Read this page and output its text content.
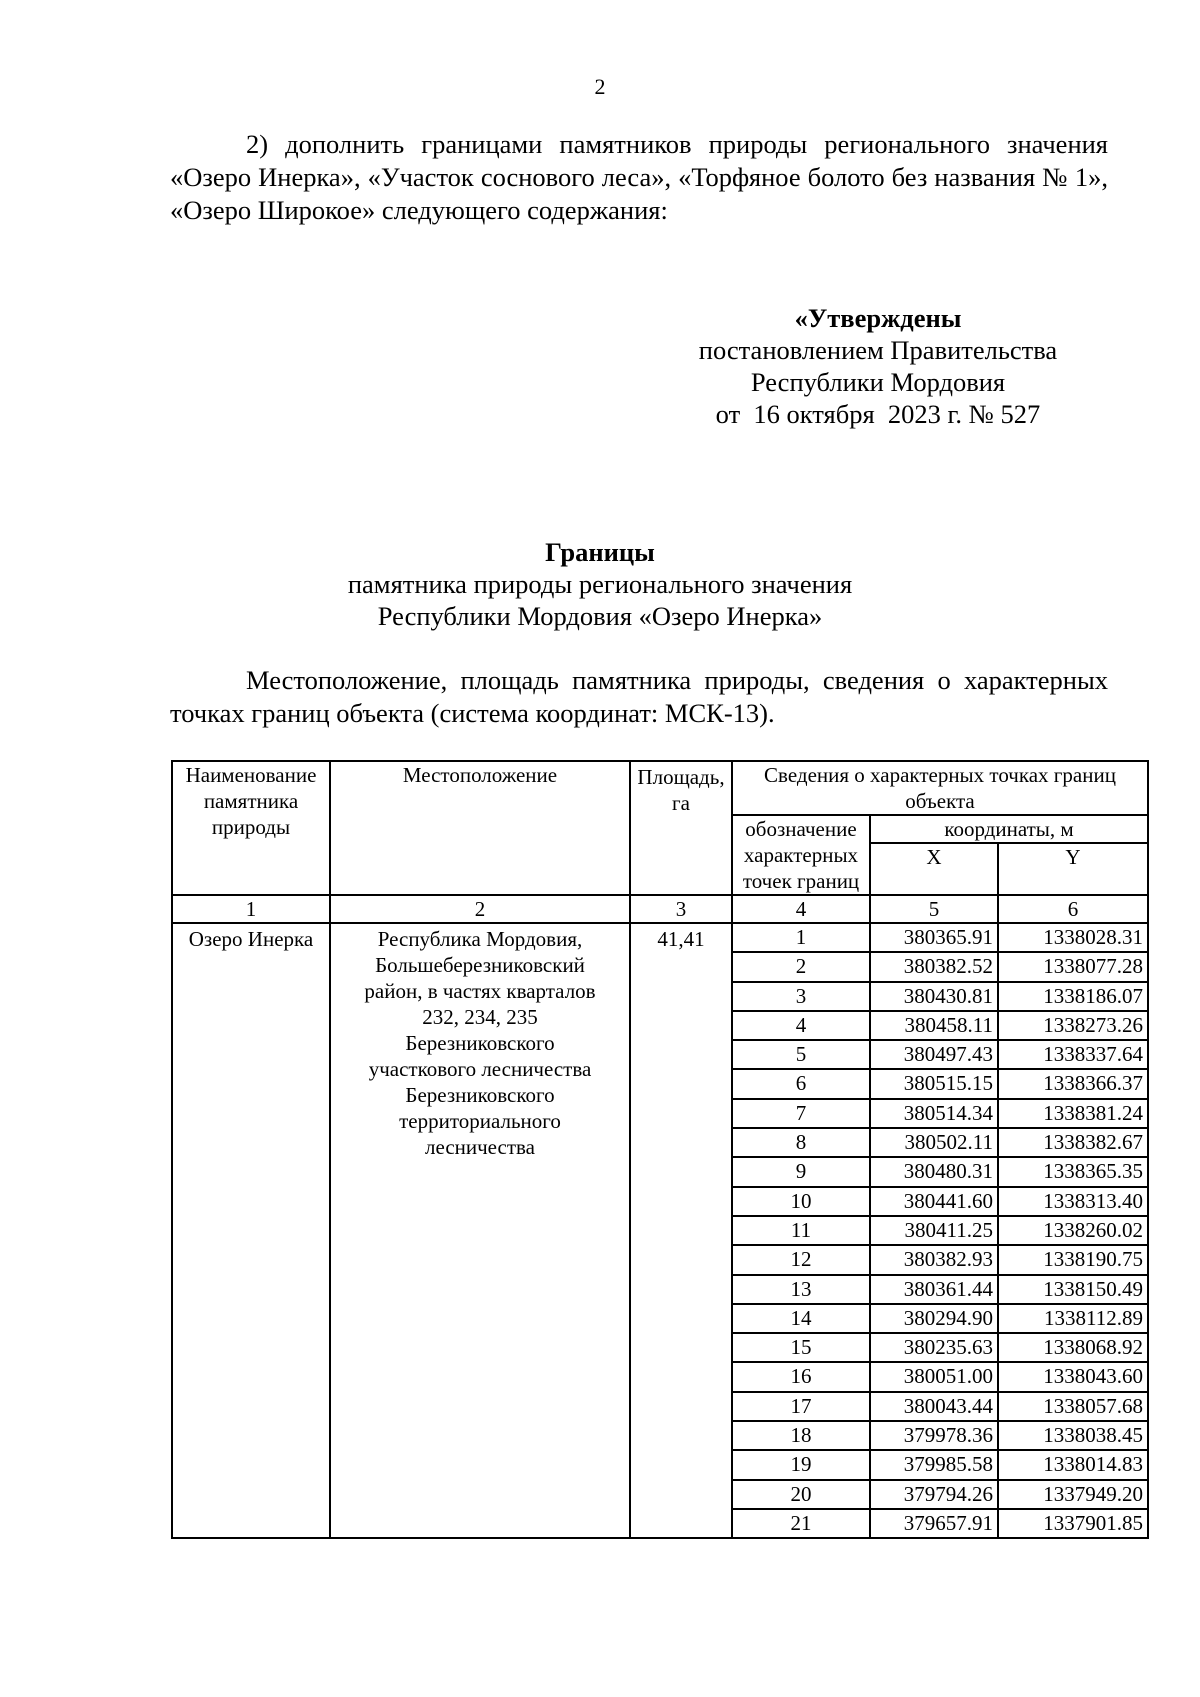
2

2) дополнить границами памятников природы регионального значения «Озеро Инерка», «Участок соснового леса», «Торфяное болото без названия № 1», «Озеро Широкое» следующего содержания:

«Утверждены
постановлением Правительства
Республики Мордовия
от  16 октября  2023 г. № 527
Границы
памятника природы регионального значения
Республики Мордовия «Озеро Инерка»

Местоположение, площадь памятника природы, сведения о характерных точках границ объекта (система координат: МСК-13).

Наименование памятника природы	Местоположение	Площадь, га	Сведения о характерных точках границ объекта		
			обозначение характерных точек границ	координаты, м	
				X	Y
1	2	3	4	5	6
Озеро Инерка	Республика Мордовия, Большеберезниковский район, в частях кварталов 232, 234, 235 Березниковского участкового лесничества Березниковского территориального лесничества	41,41	1	380365.91	1338028.31
			2	380382.52	1338077.28
			3	380430.81	1338186.07
			4	380458.11	1338273.26
			5	380497.43	1338337.64
			6	380515.15	1338366.37
			7	380514.34	1338381.24
			8	380502.11	1338382.67
			9	380480.31	1338365.35
			10	380441.60	1338313.40
			11	380411.25	1338260.02
			12	380382.93	1338190.75
			13	380361.44	1338150.49
			14	380294.90	1338112.89
			15	380235.63	1338068.92
			16	380051.00	1338043.60
			17	380043.44	1338057.68
			18	379978.36	1338038.45
			19	379985.58	1338014.83
			20	379794.26	1337949.20
			21	379657.91	1337901.85
